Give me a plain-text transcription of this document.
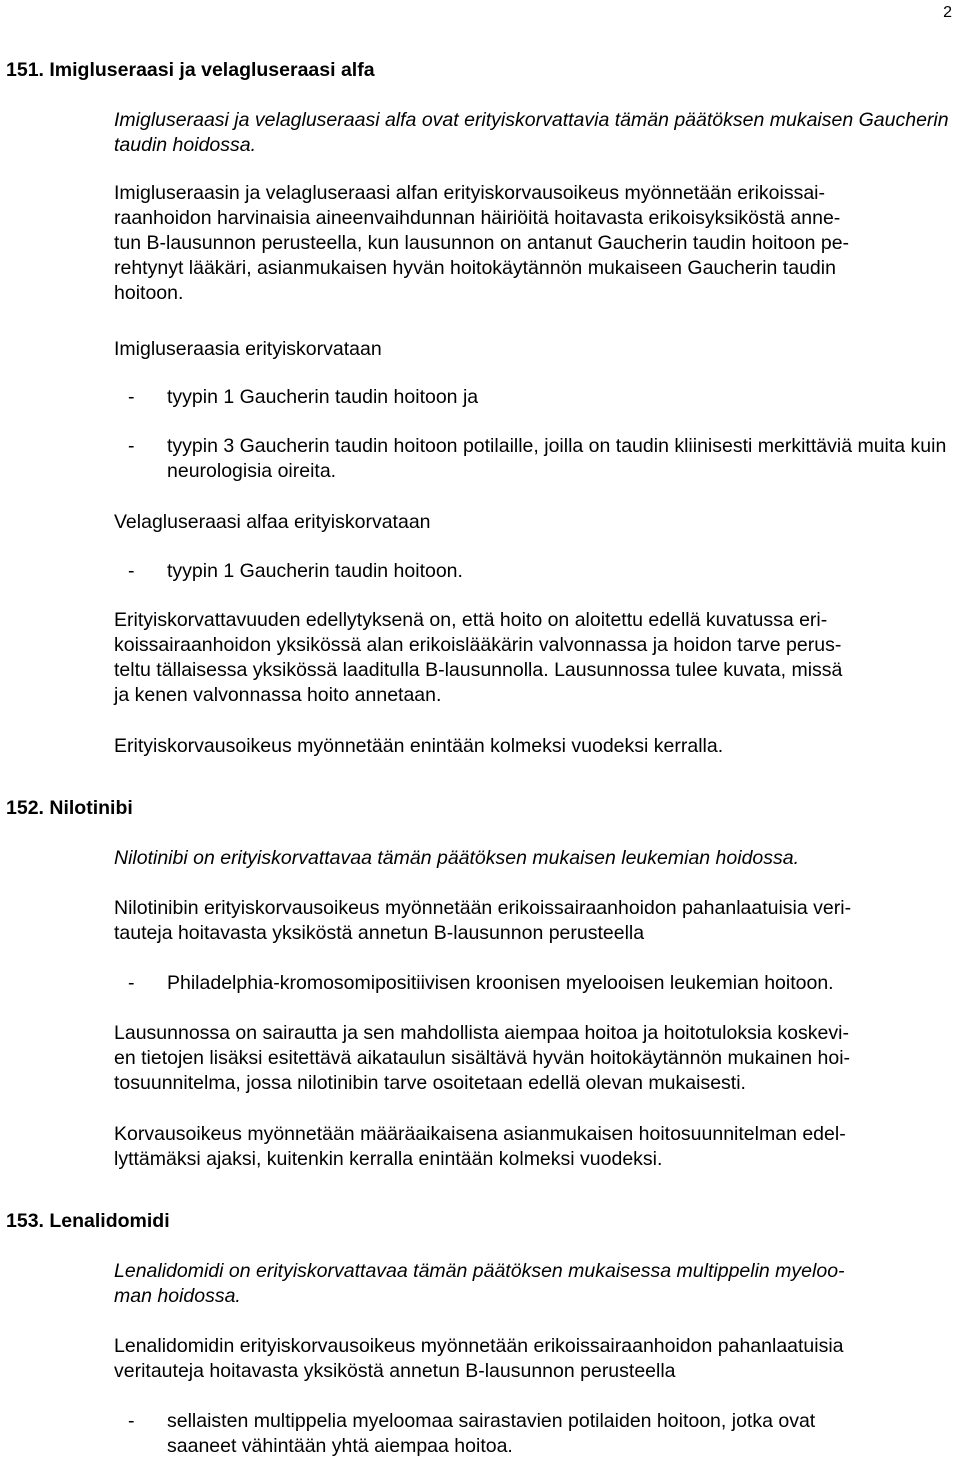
2
151. Imigluseraasi ja velagluseraasi alfa
Imigluseraasi ja velagluseraasi alfa ovat erityiskorvattavia tämän päätöksen mukaisen Gaucherin taudin hoidossa.
Imigluseraasin ja velagluseraasi alfan erityiskorvausoikeus myönnetään erikoissai-
raanhoidon harvinaisia aineenvaihdunnan häiriöitä hoitavasta erikoisyksiköstä anne-
tun B-lausunnon perusteella, kun lausunnon on antanut Gaucherin taudin hoitoon pe-
rehtynyt lääkäri, asianmukaisen hyvän hoitokäytännön mukaiseen Gaucherin taudin
hoitoon.
Imigluseraasia erityiskorvataan
- tyypin 1 Gaucherin taudin hoitoon ja
- tyypin 3 Gaucherin taudin hoitoon potilaille, joilla on taudin kliinisesti merkittäviä muita kuin neurologisia oireita.
Velagluseraasi alfaa erityiskorvataan
- tyypin 1 Gaucherin taudin hoitoon.
Erityiskorvattavuuden edellytyksenä on, että hoito on aloitettu edellä kuvatussa eri-
koissairaanhoidon yksikössä alan erikoislääkärin valvonnassa ja hoidon tarve perus-
teltu tällaisessa yksikössä laaditulla B-lausunnolla. Lausunnossa tulee kuvata, missä
ja kenen valvonnassa hoito annetaan.
Erityiskorvausoikeus myönnetään enintään kolmeksi vuodeksi kerralla.
152. Nilotinibi
Nilotinibi on erityiskorvattavaa tämän päätöksen mukaisen leukemian hoidossa.
Nilotinibin erityiskorvausoikeus myönnetään erikoissairaanhoidon pahanlaatuisia veri-
tauteja hoitavasta yksiköstä annetun B-lausunnon perusteella
- Philadelphia-kromosomipositiivisen kroonisen myelooisen leukemian hoitoon.
Lausunnossa on sairautta ja sen mahdollista aiempaa hoitoa ja hoitotuloksia koskevi-
en tietojen lisäksi esitettävä aikataulun sisältävä hyvän hoitokäytännön mukainen hoi-
tosuunnitelma, jossa nilotinibin tarve osoitetaan edellä olevan mukaisesti.
Korvausoikeus myönnetään määräaikaisena asianmukaisen hoitosuunnitelman edel-
lyttämäksi ajaksi, kuitenkin kerralla enintään kolmeksi vuodeksi.
153. Lenalidomidi
Lenalidomidi on erityiskorvattavaa tämän päätöksen mukaisessa multippelin myeloo-
man hoidossa.
Lenalidomidin erityiskorvausoikeus myönnetään erikoissairaanhoidon pahanlaatuisia
veritauteja hoitavasta yksiköstä annetun B-lausunnon perusteella
- sellaisten multippelia myeloomaa sairastavien potilaiden hoitoon, jotka ovat
saaneet vähintään yhtä aiempaa hoitoa.
